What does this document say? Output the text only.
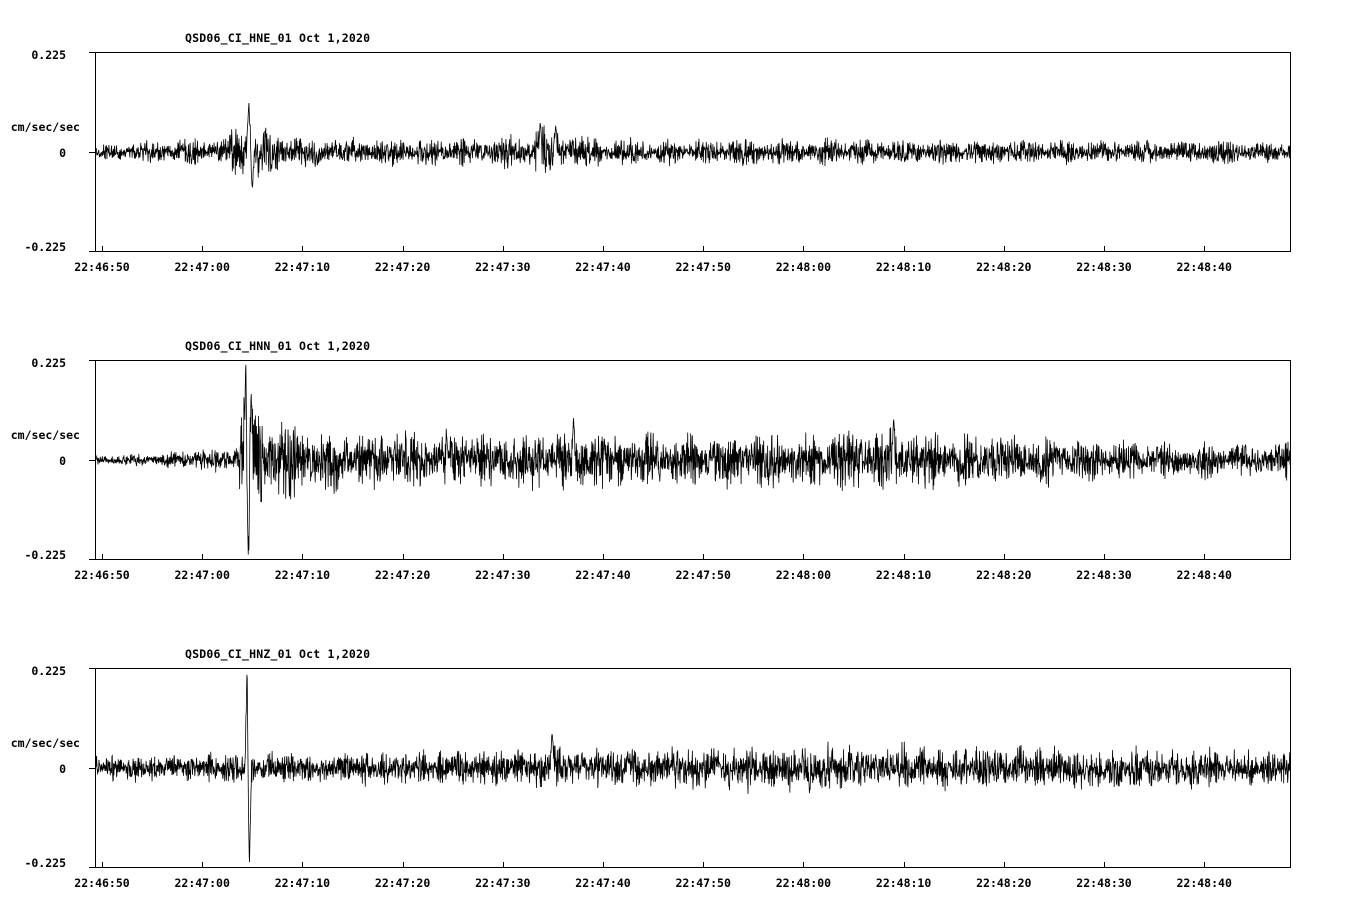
0.225
cm/sec/sec
0
-0.225
QSD06_CI_HNE_01 Oct 1,2020
22:46:50	22:47:00	22:47:10	22:47:20	22:47:30	22:47:40	22:47:50	22:48:00	22:48:10	22:48:20	22:48:30	22:48:40
0.225
cm/sec/sec
0
-0.225
QSD06_CI_HNN_01 Oct 1,2020
22:46:50	22:47:00	22:47:10	22:47:20	22:47:30	22:47:40	22:47:50	22:48:00	22:48:10	22:48:20	22:48:30	22:48:40
0.225
cm/sec/sec
0
-0.225
QSD06_CI_HNZ_01 Oct 1,2020
22:46:50	22:47:00	22:47:10	22:47:20	22:47:30	22:47:40	22:47:50	22:48:00	22:48:10	22:48:20	22:48:30	22:48:40
